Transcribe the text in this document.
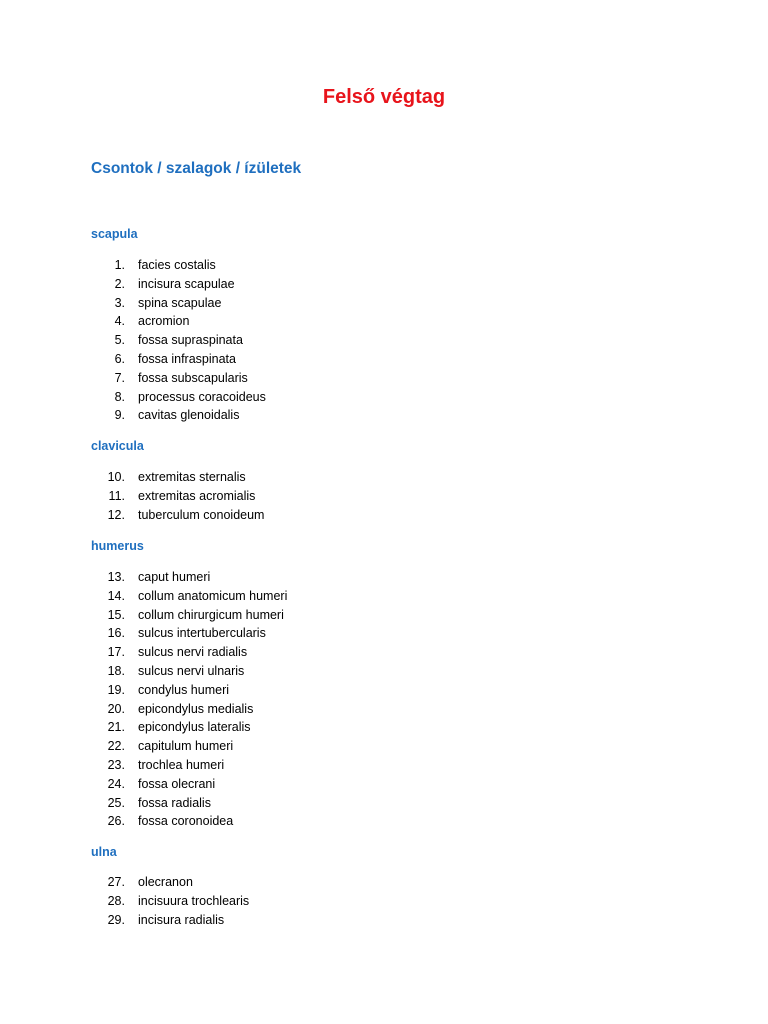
Felső végtag
Csontok / szalagok / ízületek
scapula
1. facies costalis
2. incisura scapulae
3. spina scapulae
4. acromion
5. fossa supraspinata
6. fossa infraspinata
7. fossa subscapularis
8. processus coracoideus
9. cavitas glenoidalis
clavicula
10. extremitas sternalis
11. extremitas acromialis
12. tuberculum conoideum
humerus
13. caput humeri
14. collum anatomicum humeri
15. collum chirurgicum humeri
16. sulcus intertubercularis
17. sulcus nervi radialis
18. sulcus nervi ulnaris
19. condylus humeri
20. epicondylus medialis
21. epicondylus lateralis
22. capitulum humeri
23. trochlea humeri
24. fossa olecrani
25. fossa radialis
26. fossa coronoidea
ulna
27. olecranon
28. incisuura trochlearis
29. incisura radialis
